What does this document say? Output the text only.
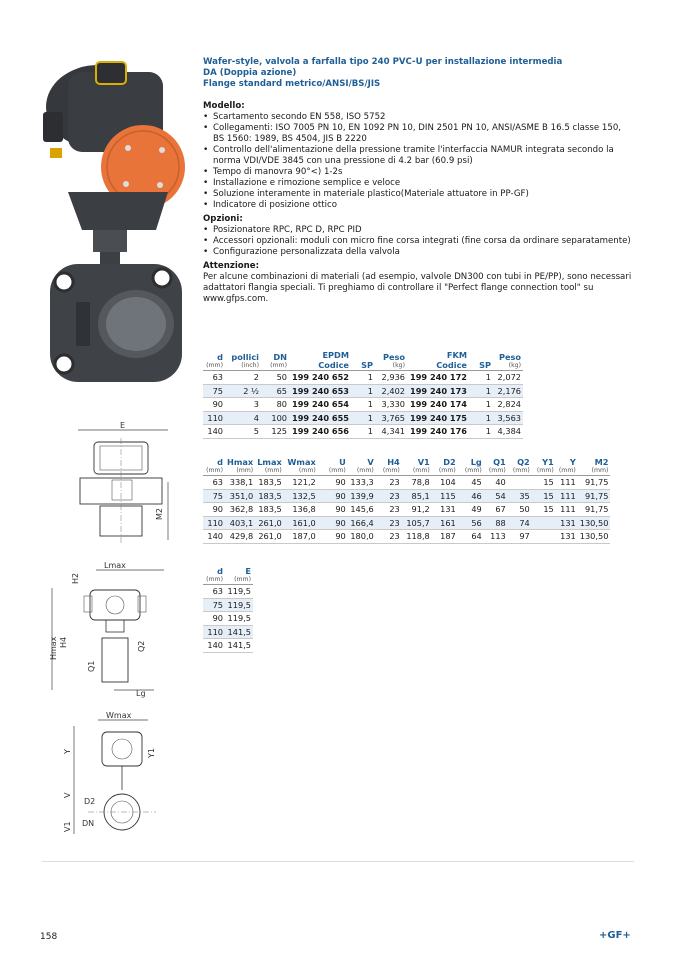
E
M2
Lmax
H2
Hmax H4
Q1
Q2
Lg
Wmax
Y	Y1
V
V1
D2
DN
Wafer-style, valvola a farfalla tipo 240 PVC-U per installazione intermedia
DA (Doppia azione)
Flange standard metrico/ANSI/BS/JIS
Modello:
• Scartamento secondo EN 558, ISO 5752
• Collegamenti: ISO 7005 PN 10, EN 1092 PN 10, DIN 2501 PN 10, ANSI/ASME B 16.5 classe 150, BS 1560: 1989, BS 4504, JIS B 2220
• Controllo dell'alimentazione della pressione tramite l'interfaccia NAMUR integrata secondo la norma VDI/VDE 3845 con una pressione di 4.2 bar (60.9 psi)
• Tempo di manovra 90°<) 1-2s
• Installazione e rimozione semplice e veloce
• Soluzione interamente in materiale plastico(Materiale attuatore in PP-GF)
• Indicatore di posizione ottico
Opzioni:
• Posizionatore RPC, RPC D, RPC PID
• Accessori opzionali: moduli con micro fine corsa integrati (fine corsa da ordinare separatamente)
• Configurazione personalizzata della valvola
Attenzione:
Per alcune combinazioni di materiali (ad esempio, valvole DN300 con tubi in PE/PP), sono necessari adattatori flangia speciali. Ti preghiamo di controllare il "Perfect flange connection tool" su www.gfps.com.
d
(mm)	pollici
(inch)	DN
(mm)	EPDM
Codice	SP	Peso
(kg)	FKM
Codice	SP	Peso
(kg)

63	2	50	199 240 652	1	2,936	199 240 172	1	2,072
75	2 ½	65	199 240 653	1	2,402	199 240 173	1	2,176
90	3	80	199 240 654	1	3,330	199 240 174	1	2,824
110	4	100	199 240 655	1	3,765	199 240 175	1	3,563
140	5	125	199 240 656	1	4,341	199 240 176	1	4,384
d
(mm)	Hmax
(mm)	Lmax
(mm)	Wmax
(mm)	U
(mm)	V
(mm)	H4
(mm)	V1
(mm)	D2
(mm)	Lg
(mm)	Q1
(mm)	Q2
(mm)	Y1
(mm)	Y
(mm)	M2
(mm)

63	338,1	183,5	121,2	90	133,3	23	78,8	104	45	40		15	111	91,75
75	351,0	183,5	132,5	90	139,9	23	85,1	115	46	54	35	15	111	91,75
90	362,8	183,5	136,8	90	145,6	23	91,2	131	49	67	50	15	111	91,75
110	403,1	261,0	161,0	90	166,4	23	105,7	161	56	88	74		131	130,50
140	429,8	261,0	187,0	90	180,0	23	118,8	187	64	113	97		131	130,50
d
(mm)	E
(mm)

63	119,5
75	119,5
90	119,5
110	141,5
140	141,5
158	+GF+
